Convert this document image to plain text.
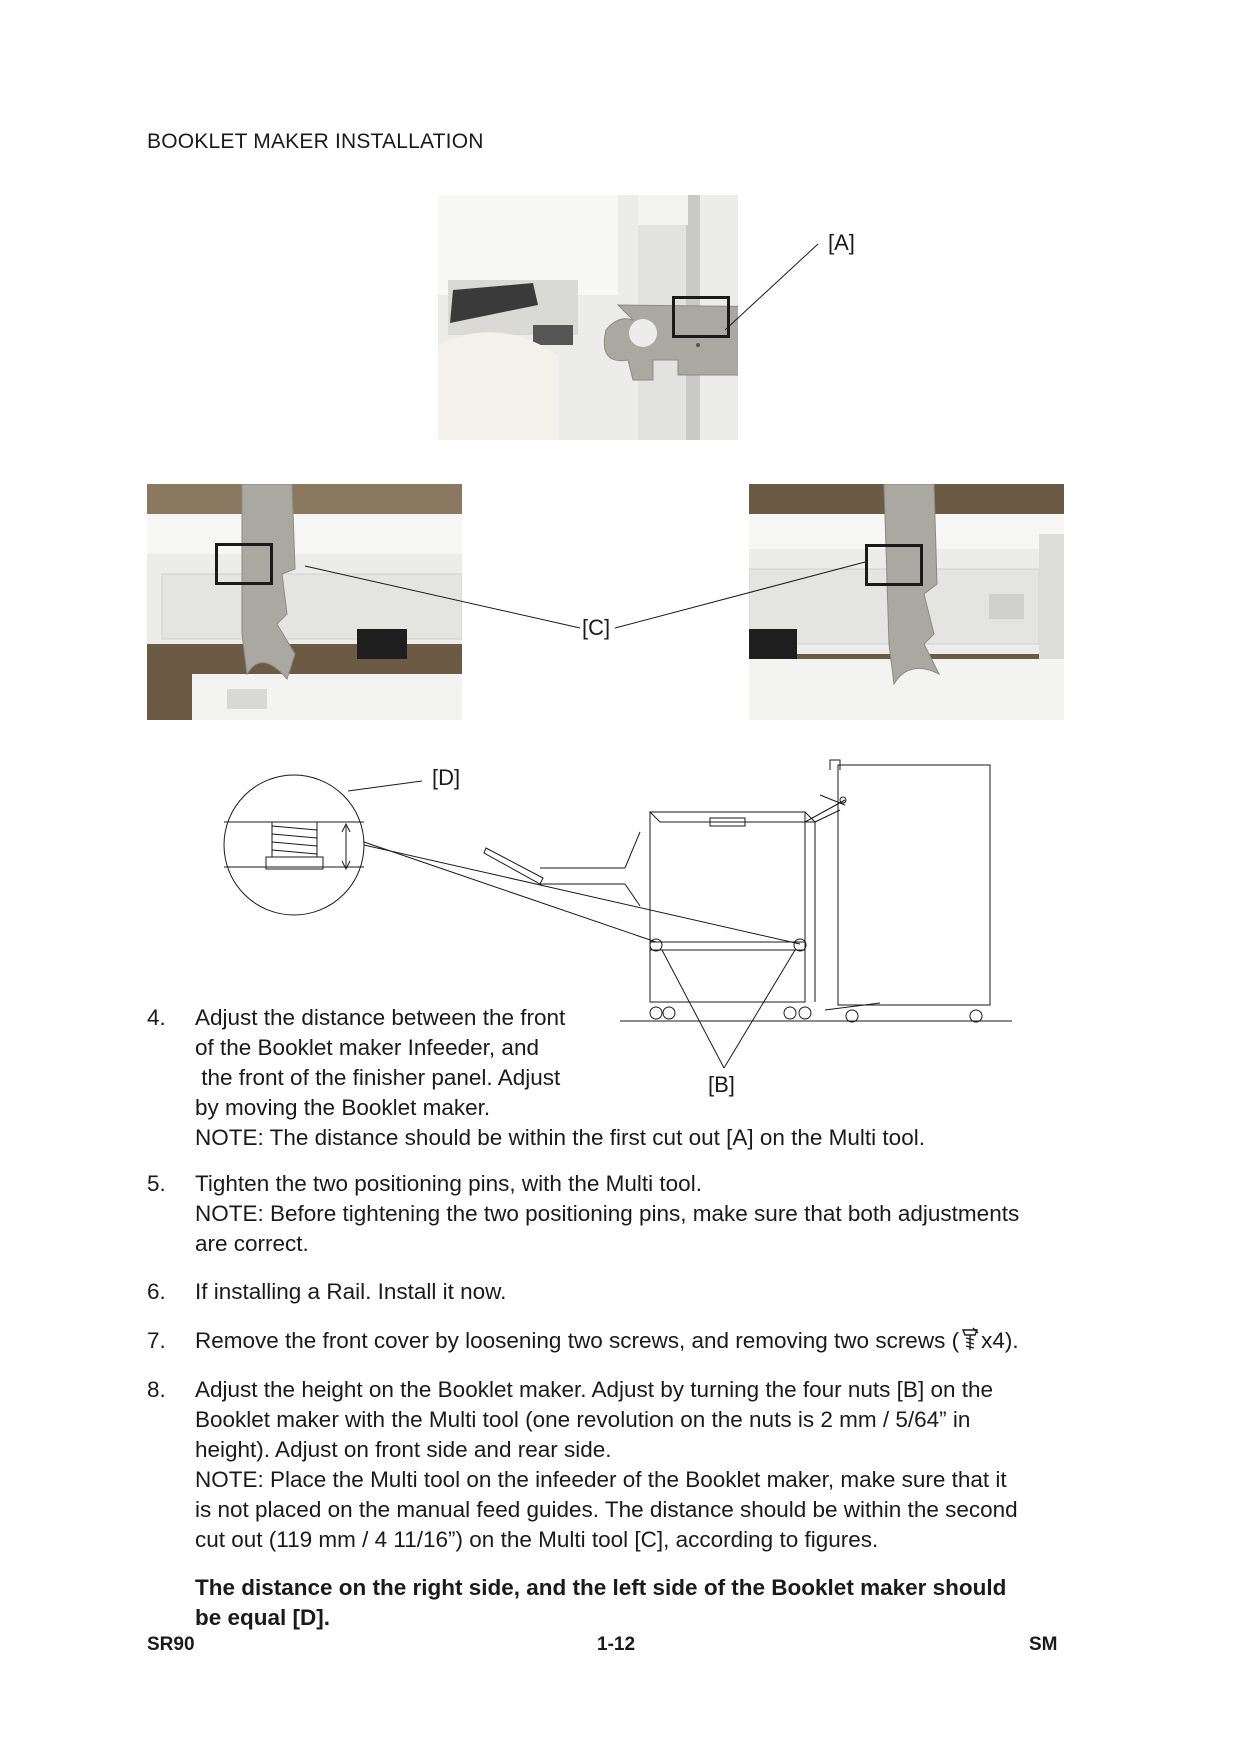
BOOKLET MAKER INSTALLATION
[A]
[C]
[D]
[B]
4. Adjust the distance between the front
of the Booklet maker Infeeder, and
the front of the finisher panel. Adjust
by moving the Booklet maker.
NOTE: The distance should be within the first cut out [A] on the Multi tool.
5. Tighten the two positioning pins, with the Multi tool.
NOTE: Before tightening the two positioning pins, make sure that both adjustments
are correct.
6. If installing a Rail. Install it now.
7. Remove the front cover by loosening two screws, and removing two screws ( x4).
8. Adjust the height on the Booklet maker. Adjust by turning the four nuts [B] on the
Booklet maker with the Multi tool (one revolution on the nuts is 2 mm / 5/64” in
height). Adjust on front side and rear side.
NOTE: Place the Multi tool on the infeeder of the Booklet maker, make sure that it
is not placed on the manual feed guides. The distance should be within the second
cut out (119 mm / 4 11/16”) on the Multi tool [C], according to figures.
The distance on the right side, and the left side of the Booklet maker should
be equal [D].
SR90	1-12	SM
